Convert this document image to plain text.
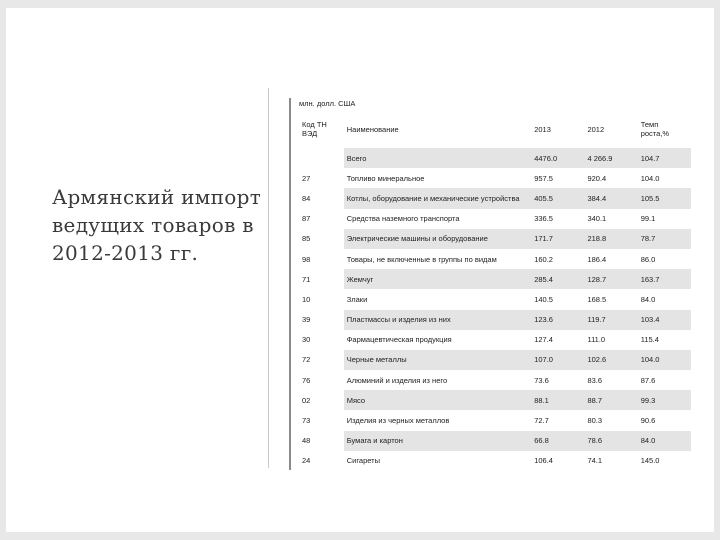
Армянский импорт ведущих товаров в 2012-2013 гг.
млн. долл. США
Код ТН ВЭД	Наименование	2013	2012	Темп роста,%
	Всего	4476.0	4 266.9	104.7
27	Топливо минеральное	957.5	920.4	104.0
84	Котлы, оборудование и механические устройства	405.5	384.4	105.5
87	Средства наземного транспорта	336.5	340.1	99.1
85	Электрические машины и оборудование	171.7	218.8	78.7
98	Товары, не включенные в группы по видам	160.2	186.4	86.0
71	Жемчуг	285.4	128.7	163.7
10	Злаки	140.5	168.5	84.0
39	Пластмассы и изделия из них	123.6	119.7	103.4
30	Фармацевтическая продукция	127.4	111.0	115.4
72	Черные металлы	107.0	102.6	104.0
76	Алюминий и изделия из него	73.6	83.6	87.6
02	Мясо	88.1	88.7	99.3
73	Изделия из черных металлов	72.7	80.3	90.6
48	Бумага и картон	66.8	78.6	84.0
24	Сигареты	106.4	74.1	145.0
